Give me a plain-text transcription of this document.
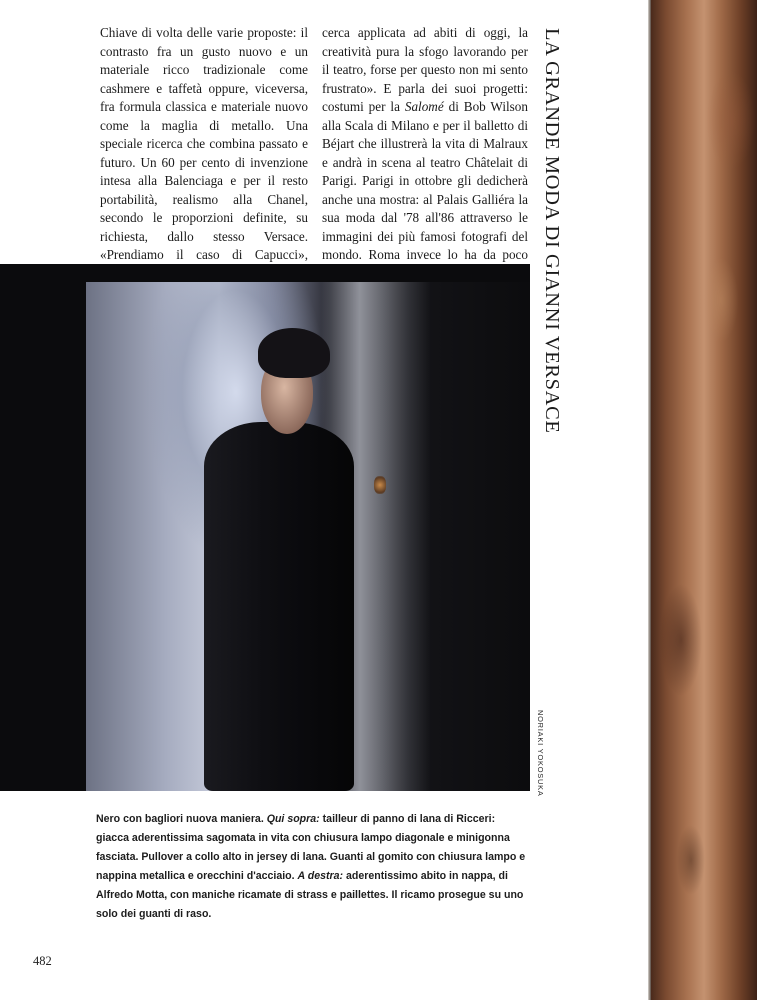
Chiave di volta delle varie proposte: il contrasto fra un gusto nuovo e un materiale ricco tradizionale come cashmere e taffetà oppure, viceversa, fra formula classica e materiale nuovo come la maglia di metallo. Una speciale ricerca che combina passato e futuro. Un 60 per cento di invenzione intesa alla Balenciaga e per il resto portabilità, realismo alla Chanel, secondo le proporzioni definite, su richiesta, dallo stesso Versace. «Prendiamo il caso di Capucci»,

cerca applicata ad abiti di oggi, la creatività pura la sfogo lavorando per il teatro, forse per questo non mi sento frustrato». E parla dei suoi progetti: costumi per la Salomé di Bob Wilson alla Scala di Milano e per il balletto di Béjart che illustrerà la vita di Malraux e andrà in scena al teatro Châtelait di Parigi. Parigi in ottobre gli dedicherà anche una mostra: al Palais Galliéra la sua moda dal '78 all'86 attraverso le immagini dei più famosi fotografi del mondo. Roma invece lo ha da poco LA GRANDE MODA DI GIANNI VERSACE
NORIAKI YOKOSUKA

Nero con bagliori nuova maniera. Qui sopra: tailleur di panno di lana di Ricceri: giacca aderentissima sagomata in vita con chiusura lampo diagonale e minigonna fasciata. Pullover a collo alto in jersey di lana. Guanti al gomito con chiusura lampo e nappina metallica e orecchini d'acciaio. A destra: aderentissimo abito in nappa, di Alfredo Motta, con maniche ricamate di strass e paillettes. Il ricamo prosegue su uno solo dei guanti di raso.

482
